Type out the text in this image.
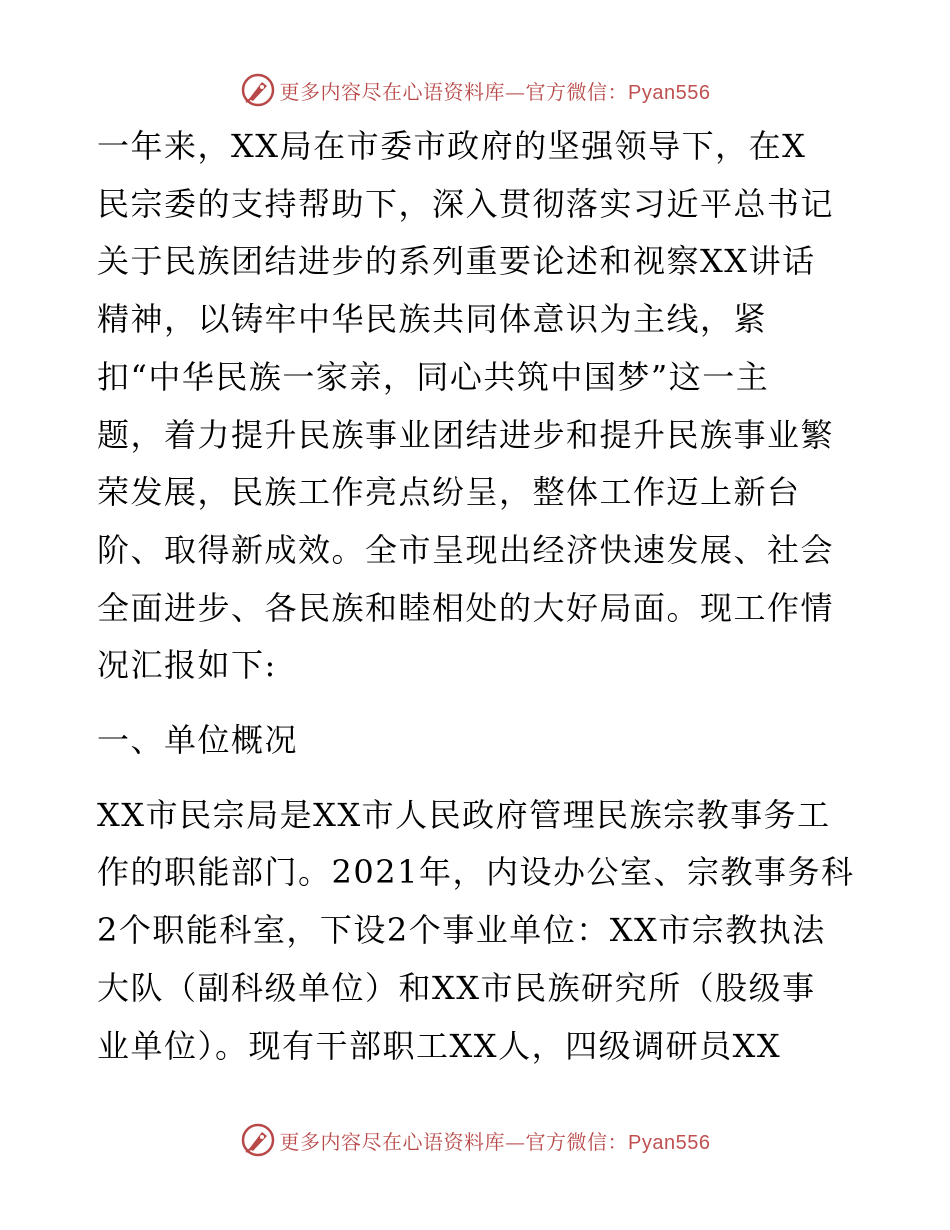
更多内容尽在心语资料库—官方微信：Pyan556

一年来，XX局在市委市政府的坚强领导下，在X
民宗委的支持帮助下，深入贯彻落实习近平总书记
关于民族团结进步的系列重要论述和视察XX讲话
精神，以铸牢中华民族共同体意识为主线，紧
扣“中华民族一家亲，同心共筑中国梦”这一主
题，着力提升民族事业团结进步和提升民族事业繁
荣发展，民族工作亮点纷呈，整体工作迈上新台
阶、取得新成效。全市呈现出经济快速发展、社会
全面进步、各民族和睦相处的大好局面。现工作情
况汇报如下:

一、单位概况

XX市民宗局是XX市人民政府管理民族宗教事务工
作的职能部门。2021年，内设办公室、宗教事务科
2个职能科室，下设2个事业单位：XX市宗教执法
大队（副科级单位）和XX市民族研究所（股级事
业单位）。现有干部职工XX人，四级调研员XX

更多内容尽在心语资料库—官方微信：Pyan556
